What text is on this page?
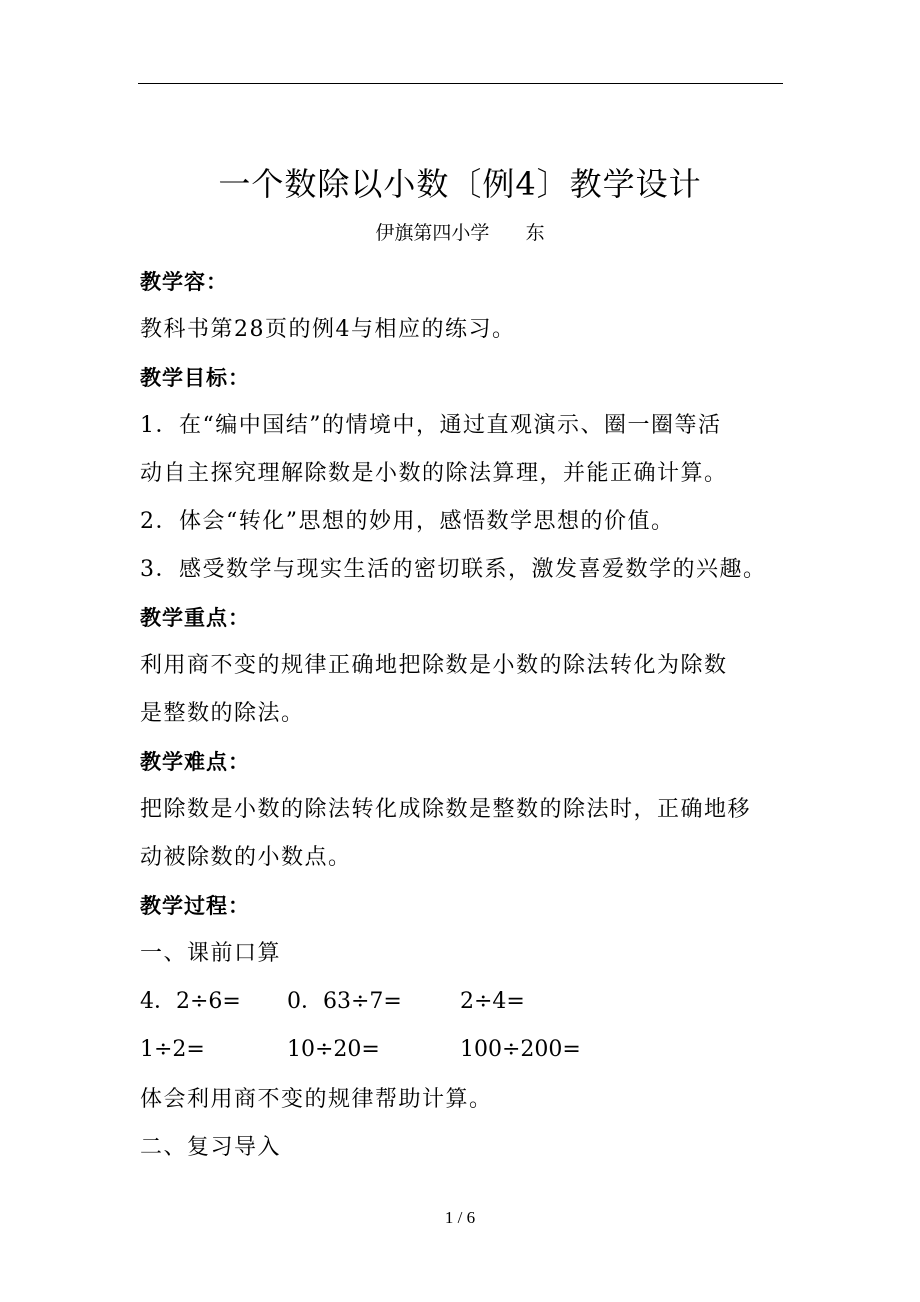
一个数除以小数〔例4〕教学设计
伊旗第四小学      东
教学容：
教科书第28页的例4与相应的练习。
教学目标：
1．在“编中国结”的情境中，通过直观演示、圈一圈等活
动自主探究理解除数是小数的除法算理，并能正确计算。
2．体会“转化”思想的妙用，感悟数学思想的价值。
3．感受数学与现实生活的密切联系，激发喜爱数学的兴趣。
教学重点：
利用商不变的规律正确地把除数是小数的除法转化为除数
是整数的除法。
教学难点：
把除数是小数的除法转化成除数是整数的除法时，正确地移
动被除数的小数点。
教学过程：
一、课前口算
4．2÷6= 0．63÷7=	2÷4=
1÷2=	10÷20=	100÷200=
体会利用商不变的规律帮助计算。
二、复习导入
1 / 6
